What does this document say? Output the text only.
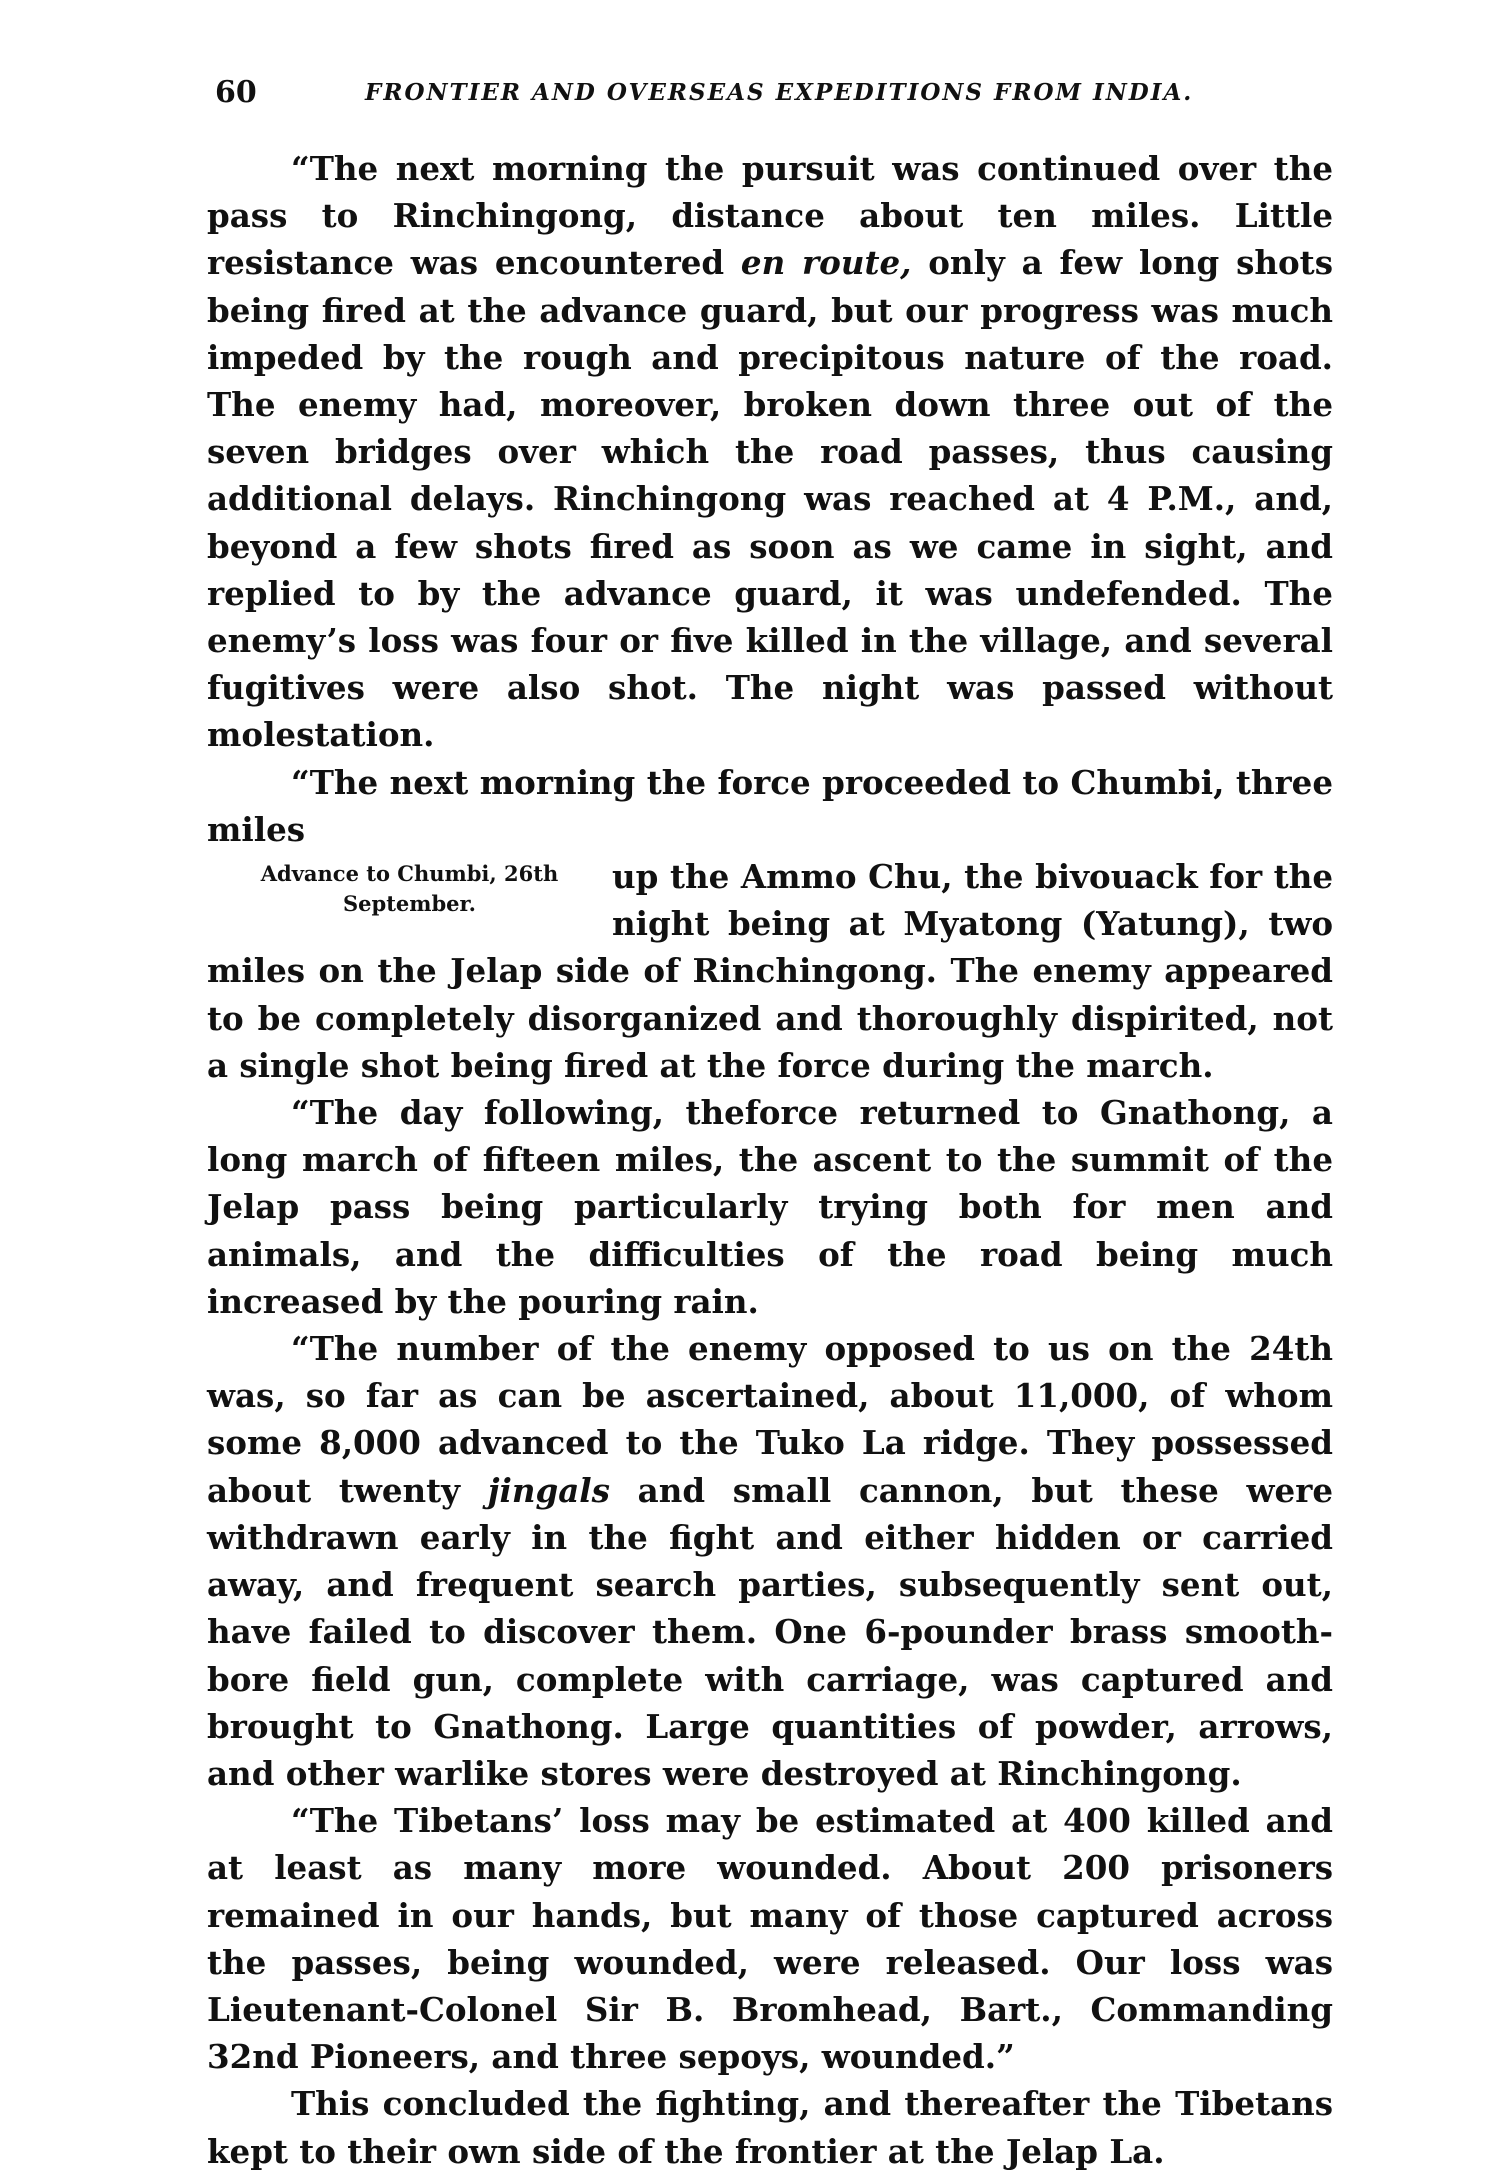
60	FRONTIER AND OVERSEAS EXPEDITIONS FROM INDIA.

“The next morning the pursuit was continued over the pass to Rinchingong, distance about ten miles. Little resistance was encountered en route, only a few long shots being fired at the advance guard, but our progress was much impeded by the rough and precipitous nature of the road. The enemy had, moreover, broken down three out of the seven bridges over which the road passes, thus causing additional delays. Rinchingong was reached at 4 P.M., and, beyond a few shots fired as soon as we came in sight, and replied to by the advance guard, it was undefended. The enemy’s loss was four or five killed in the village, and several fugitives were also shot. The night was passed without molestation.

“The next morning the force proceeded to Chumbi, three miles

Advance to Chumbi, 26th
September.

up the Ammo Chu, the bivouack for the night being at Myatong (Yatung), two miles on the Jelap side of Rinchingong. The enemy appeared to be completely disorganized and thoroughly dispirited, not a single shot being fired at the force during the march.

“The day following, theforce returned to Gnathong, a long march of fifteen miles, the ascent to the summit of the Jelap pass being particularly trying both for men and animals, and the difficulties of the road being much increased by the pouring rain.

“The number of the enemy opposed to us on the 24th was, so far as can be ascertained, about 11,000, of whom some 8,000 advanced to the Tuko La ridge. They possessed about twenty jingals and small cannon, but these were withdrawn early in the fight and either hidden or carried away, and frequent search parties, subsequently sent out, have failed to discover them. One 6-pounder brass smooth-bore field gun, complete with carriage, was captured and brought to Gnathong. Large quantities of powder, arrows, and other warlike stores were destroyed at Rinchingong.

“The Tibetans’ loss may be estimated at 400 killed and at least as many more wounded. About 200 prisoners remained in our hands, but many of those captured across the passes, being wounded, were released. Our loss was Lieutenant-Colonel Sir B. Bromhead, Bart., Commanding 32nd Pioneers, and three sepoys, wounded.”

This concluded the fighting, and thereafter the Tibetans kept to their own side of the frontier at the Jelap La.
